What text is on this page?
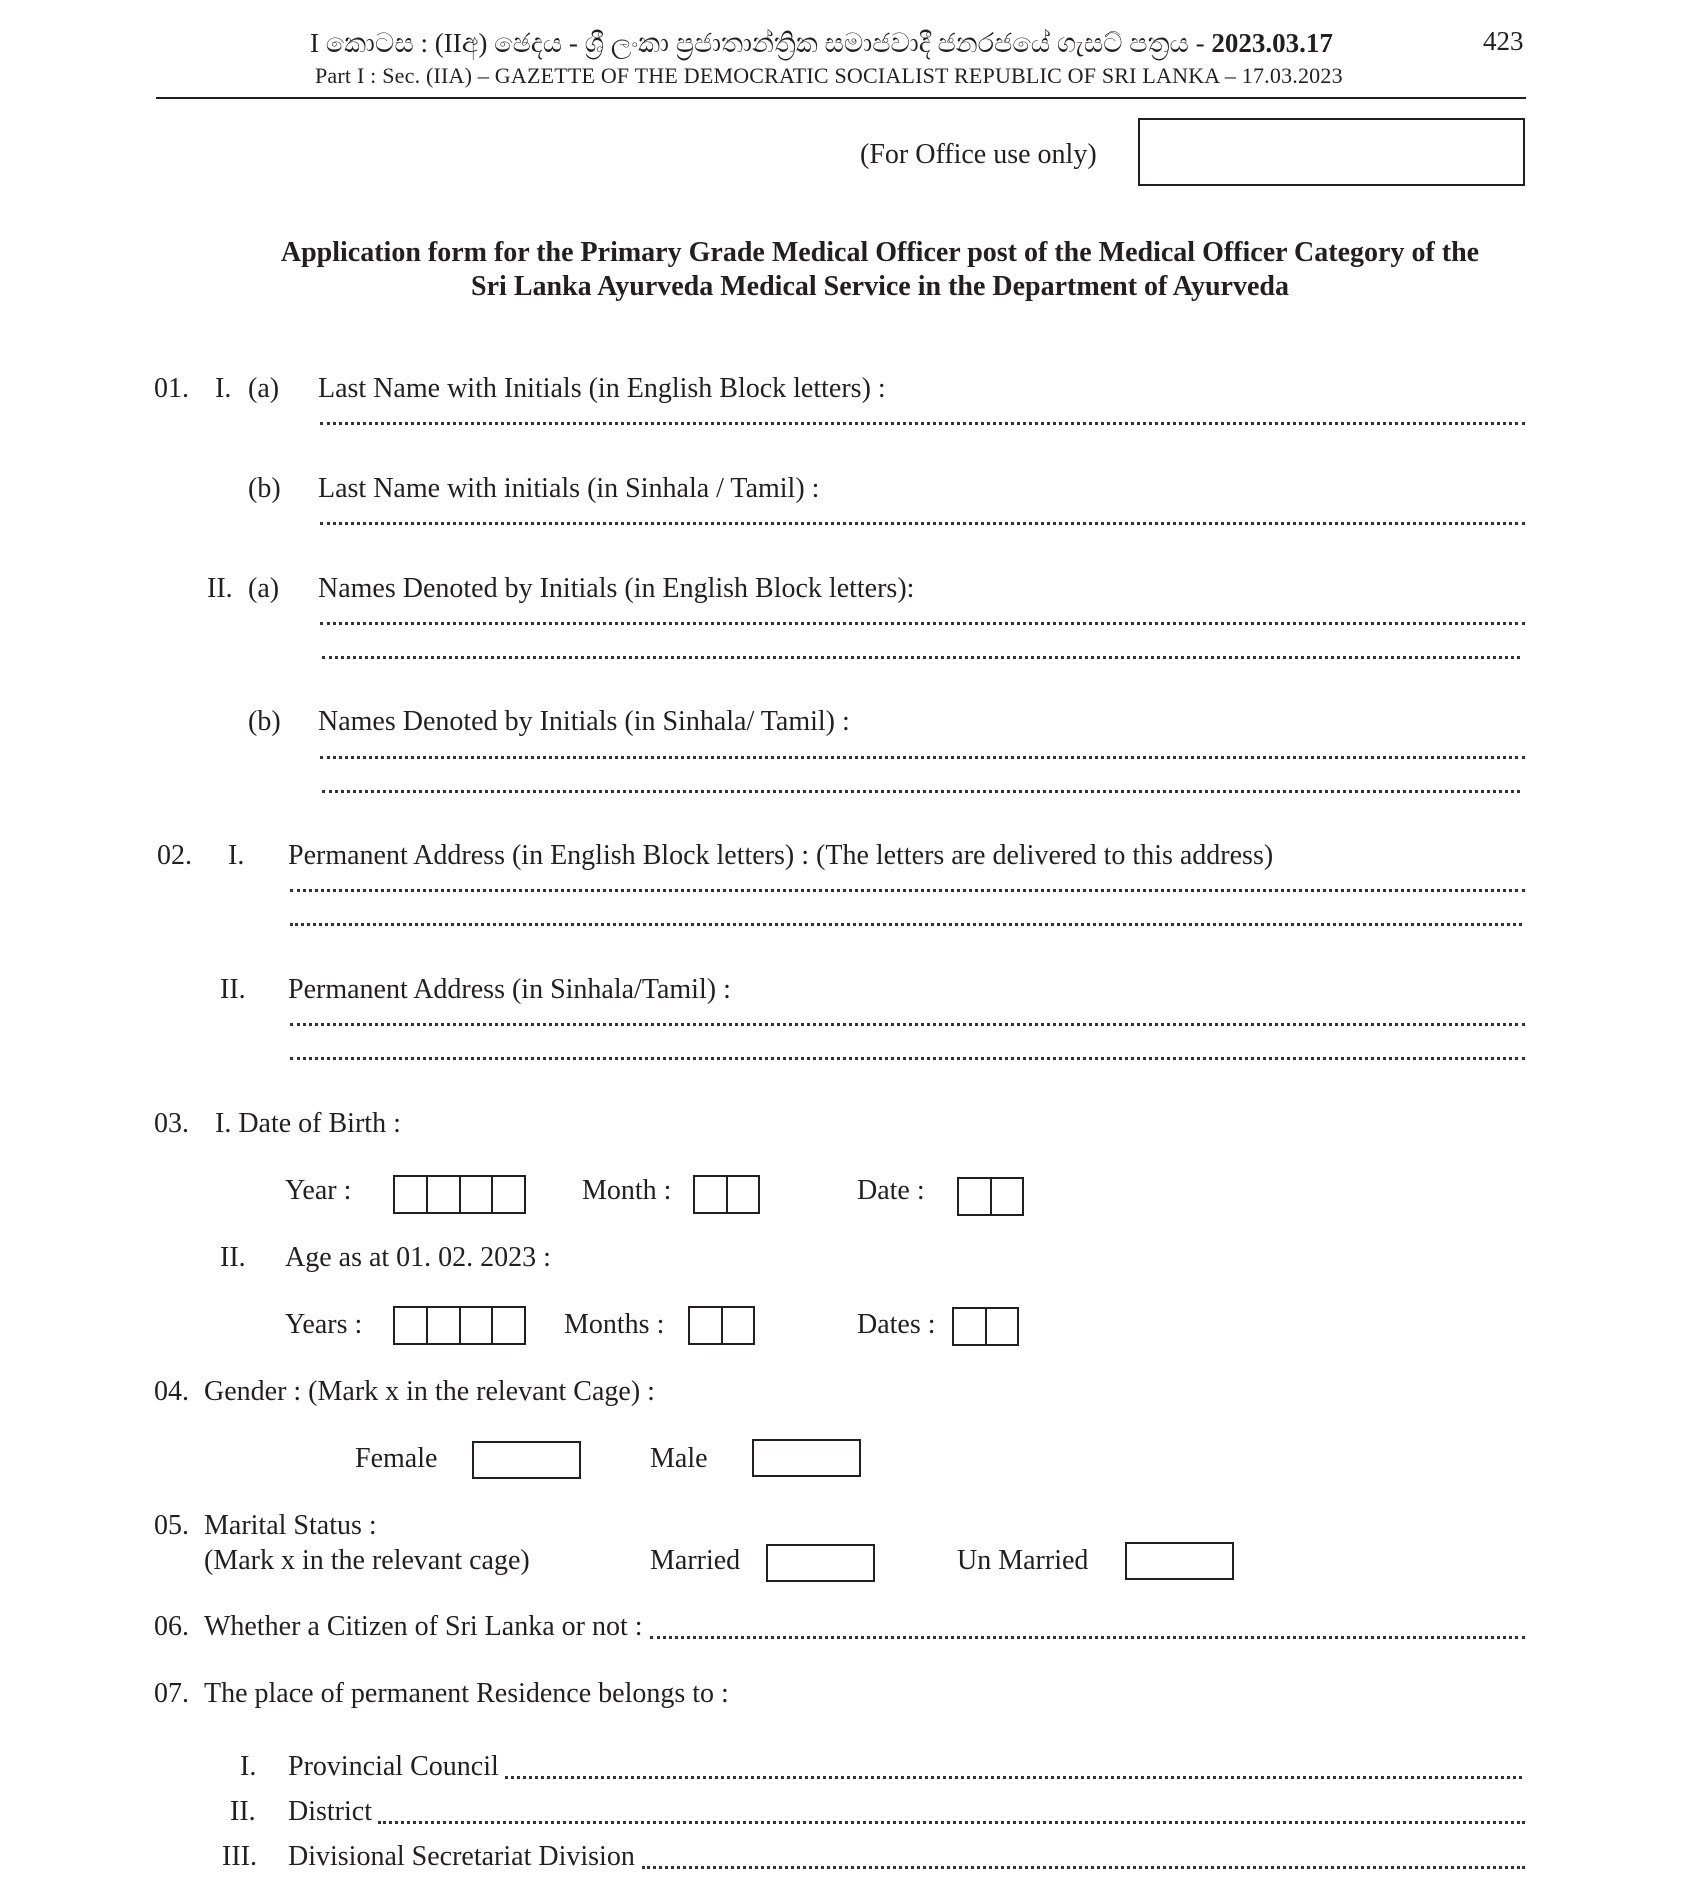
I කොටස : (IIඅ) ඡෙදය - ශ්‍රී ලංකා ප්‍රජාතාන්ත්‍රික සමාජවාදී ජනරජයේ ගැසට් පත්‍රය - 2023.03.17	423
Part I : Sec. (IIA) – GAZETTE OF THE DEMOCRATIC SOCIALIST REPUBLIC OF SRI LANKA – 17.03.2023
(For Office use only)
Application form for the Primary Grade Medical Officer post of the Medical Officer Category of the
Sri Lanka Ayurveda Medical Service in the Department of Ayurveda
01. I. (a) Last Name with Initials (in English Block letters) :
(b) Last Name with initials (in Sinhala / Tamil) :
II. (a) Names Denoted by Initials (in English Block letters):
(b) Names Denoted by Initials (in Sinhala/ Tamil) :
02. I. Permanent Address (in English Block letters) : (The letters are delivered to this address)
II. Permanent Address (in Sinhala/Tamil) :
03. I. Date of Birth :
Year :	Month :	Date :
II. Age as at 01. 02. 2023 :
Years :	Months :	Dates :
04. Gender : (Mark x in the relevant Cage) :
Female	Male
05. Marital Status :
(Mark x in the relevant cage)	Married	Un Married
06. Whether a Citizen of Sri Lanka or not :
07. The place of permanent Residence belongs to :
I. Provincial Council
II. District
III. Divisional Secretariat Division
